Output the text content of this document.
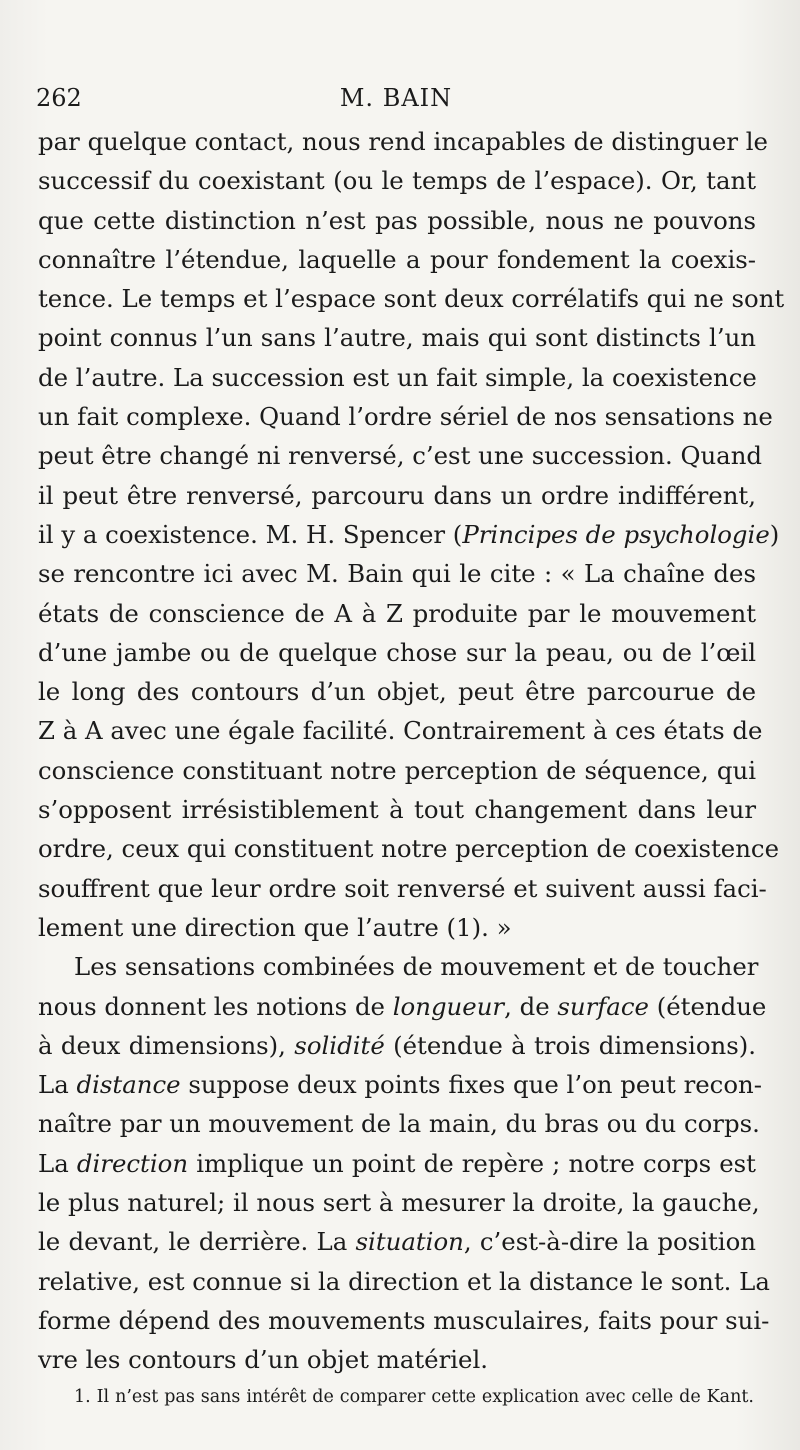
262	M. BAIN
par quelque contact, nous rend incapables de distinguer le
successif du coexistant (ou le temps de l’espace). Or, tant
que cette distinction n’est pas possible, nous ne pouvons
connaître l’étendue, laquelle a pour fondement la coexis-
tence. Le temps et l’espace sont deux corrélatifs qui ne sont
point connus l’un sans l’autre, mais qui sont distincts l’un
de l’autre. La succession est un fait simple, la coexistence
un fait complexe. Quand l’ordre sériel de nos sensations ne
peut être changé ni renversé, c’est une succession. Quand
il peut être renversé, parcouru dans un ordre indifférent,
il y a coexistence. M. H. Spencer (Principes de psychologie)
se rencontre ici avec M. Bain qui le cite : « La chaîne des
états de conscience de A à Z produite par le mouvement
d’une jambe ou de quelque chose sur la peau, ou de l’œil
le long des contours d’un objet, peut être parcourue de
Z à A avec une égale facilité. Contrairement à ces états de
conscience constituant notre perception de séquence, qui
s’opposent irrésistiblement à tout changement dans leur
ordre, ceux qui constituent notre perception de coexistence
souffrent que leur ordre soit renversé et suivent aussi faci-
lement une direction que l’autre (1). »
Les sensations combinées de mouvement et de toucher
nous donnent les notions de longueur, de surface (étendue
à deux dimensions), solidité (étendue à trois dimensions).
La distance suppose deux points fixes que l’on peut recon-
naître par un mouvement de la main, du bras ou du corps.
La direction implique un point de repère ; notre corps est
le plus naturel; il nous sert à mesurer la droite, la gauche,
le devant, le derrière. La situation, c’est-à-dire la position
relative, est connue si la direction et la distance le sont. La
forme dépend des mouvements musculaires, faits pour sui-
vre les contours d’un objet matériel.
1. Il n’est pas sans intérêt de comparer cette explication avec celle de Kant.
